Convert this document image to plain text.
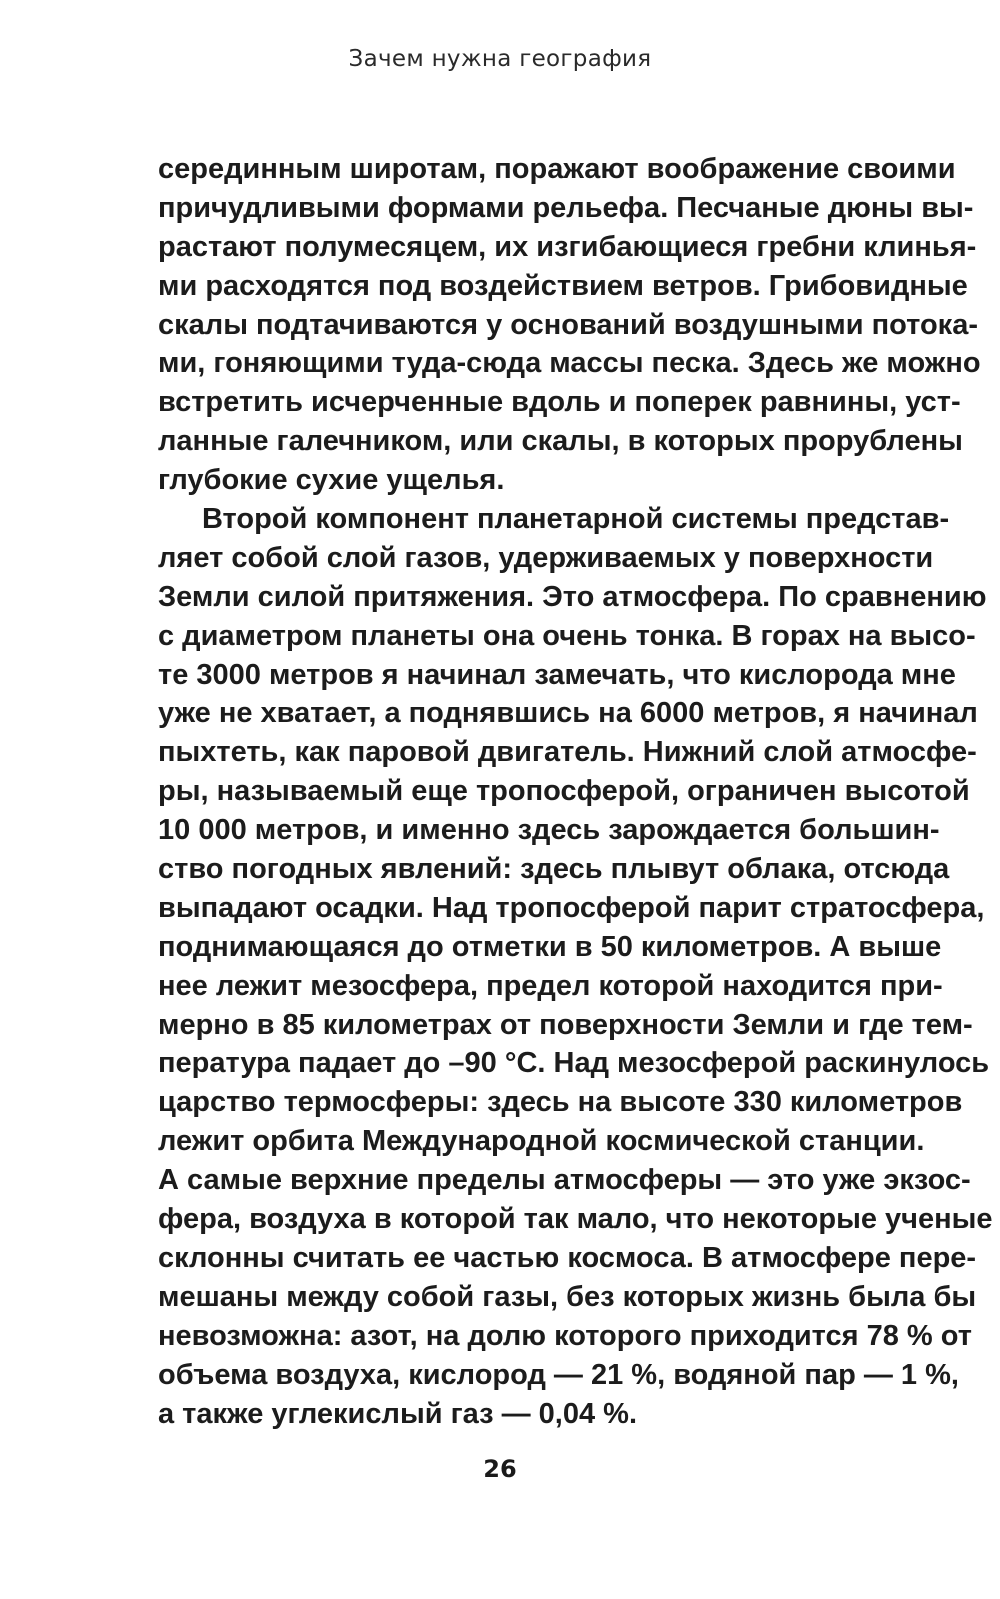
Зачем нужна география
серединным широтам, поражают воображение своими
причудливыми формами рельефа. Песчаные дюны вы-
растают полумесяцем, их изгибающиеся гребни клинья-
ми расходятся под воздействием ветров. Грибовидные
скалы подтачиваются у оснований воздушными потока-
ми, гоняющими туда-сюда массы песка. Здесь же можно
встретить исчерченные вдоль и поперек равнины, уст-
ланные галечником, или скалы, в которых прорублены
глубокие сухие ущелья.
Второй компонент планетарной системы представ-
ляет собой слой газов, удерживаемых у поверхности
Земли силой притяжения. Это атмосфера. По сравнению
с диаметром планеты она очень тонка. В горах на высо-
те 3000 метров я начинал замечать, что кислорода мне
уже не хватает, а поднявшись на 6000 метров, я начинал
пыхтеть, как паровой двигатель. Нижний слой атмосфе-
ры, называемый еще тропосферой, ограничен высотой
10 000 метров, и именно здесь зарождается большин-
ство погодных явлений: здесь плывут облака, отсюда
выпадают осадки. Над тропосферой парит стратосфера,
поднимающаяся до отметки в 50 километров. А выше
нее лежит мезосфера, предел которой находится при-
мерно в 85 километрах от поверхности Земли и где тем-
пература падает до –90 °С. Над мезосферой раскинулось
царство термосферы: здесь на высоте 330 километров
лежит орбита Международной космической станции.
А самые верхние пределы атмосферы — это уже экзос-
фера, воздуха в которой так мало, что некоторые ученые
склонны считать ее частью космоса. В атмосфере пере-
мешаны между собой газы, без которых жизнь была бы
невозможна: азот, на долю которого приходится 78 % от
объема воздуха, кислород — 21 %, водяной пар — 1 %,
а также углекислый газ — 0,04 %.
26
